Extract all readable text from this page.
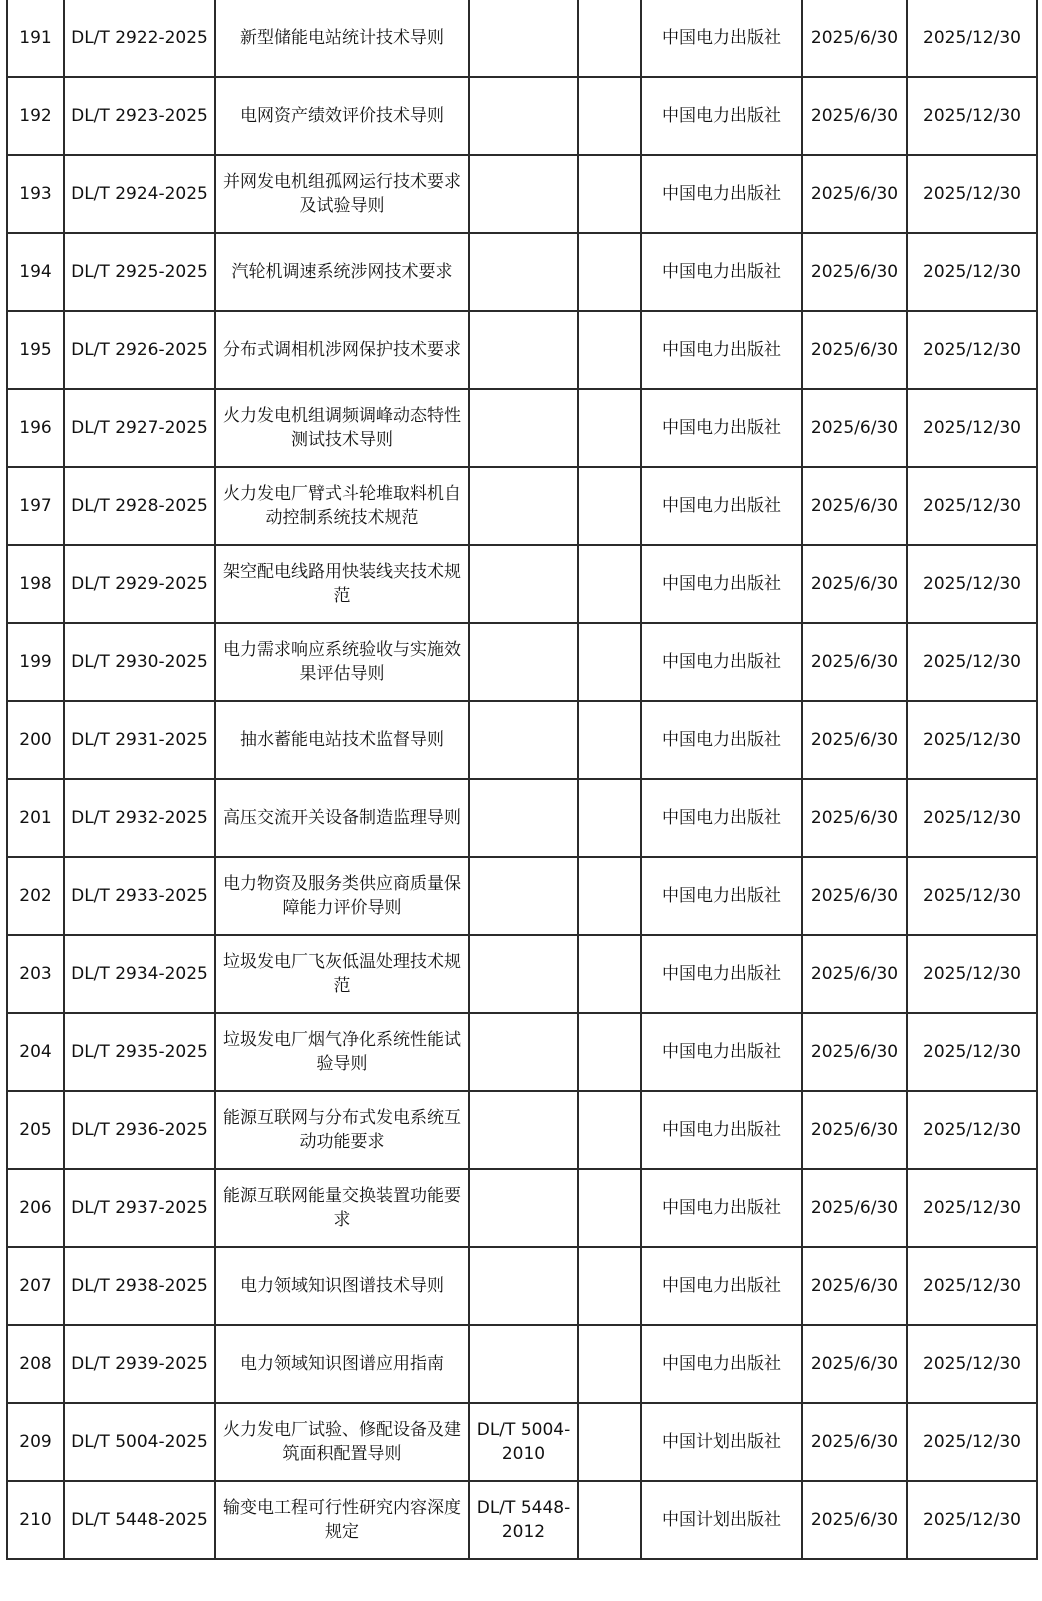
191	DL/T 2922-2025	新型储能电站统计技术导则			中国电力出版社	2025/6/30	2025/12/30
192	DL/T 2923-2025	电网资产绩效评价技术导则			中国电力出版社	2025/6/30	2025/12/30
193	DL/T 2924-2025	并网发电机组孤网运行技术要求及试验导则			中国电力出版社	2025/6/30	2025/12/30
194	DL/T 2925-2025	汽轮机调速系统涉网技术要求			中国电力出版社	2025/6/30	2025/12/30
195	DL/T 2926-2025	分布式调相机涉网保护技术要求			中国电力出版社	2025/6/30	2025/12/30
196	DL/T 2927-2025	火力发电机组调频调峰动态特性测试技术导则			中国电力出版社	2025/6/30	2025/12/30
197	DL/T 2928-2025	火力发电厂臂式斗轮堆取料机自动控制系统技术规范			中国电力出版社	2025/6/30	2025/12/30
198	DL/T 2929-2025	架空配电线路用快装线夹技术规范			中国电力出版社	2025/6/30	2025/12/30
199	DL/T 2930-2025	电力需求响应系统验收与实施效果评估导则			中国电力出版社	2025/6/30	2025/12/30
200	DL/T 2931-2025	抽水蓄能电站技术监督导则			中国电力出版社	2025/6/30	2025/12/30
201	DL/T 2932-2025	高压交流开关设备制造监理导则			中国电力出版社	2025/6/30	2025/12/30
202	DL/T 2933-2025	电力物资及服务类供应商质量保障能力评价导则			中国电力出版社	2025/6/30	2025/12/30
203	DL/T 2934-2025	垃圾发电厂飞灰低温处理技术规范			中国电力出版社	2025/6/30	2025/12/30
204	DL/T 2935-2025	垃圾发电厂烟气净化系统性能试验导则			中国电力出版社	2025/6/30	2025/12/30
205	DL/T 2936-2025	能源互联网与分布式发电系统互动功能要求			中国电力出版社	2025/6/30	2025/12/30
206	DL/T 2937-2025	能源互联网能量交换装置功能要求			中国电力出版社	2025/6/30	2025/12/30
207	DL/T 2938-2025	电力领域知识图谱技术导则			中国电力出版社	2025/6/30	2025/12/30
208	DL/T 2939-2025	电力领域知识图谱应用指南			中国电力出版社	2025/6/30	2025/12/30
209	DL/T 5004-2025	火力发电厂试验、修配设备及建筑面积配置导则	DL/T 5004-2010		中国计划出版社	2025/6/30	2025/12/30
210	DL/T 5448-2025	输变电工程可行性研究内容深度规定	DL/T 5448-2012		中国计划出版社	2025/6/30	2025/12/30
